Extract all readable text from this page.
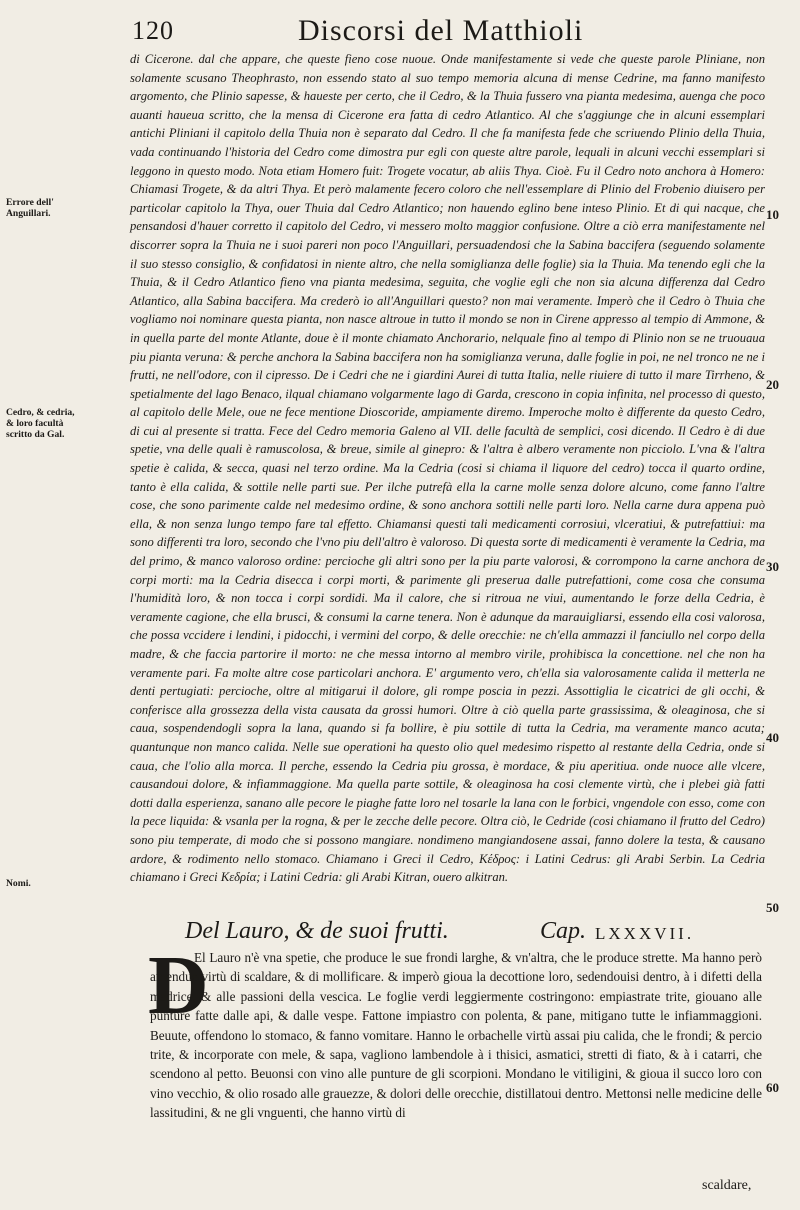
120	Discorsi del Matthioli

di Cicerone. dal che appare, che queste fieno cose nuoue. Onde manifestamente si vede che queste parole Pliniane, non solamente scusano Theophrasto, non essendo stato al suo tempo memoria alcuna di mense Cedrine, ma fanno manifesto argomento, che Plinio sapesse, & haueste per certo, che il Cedro, & la Thuia fussero vna pianta medesima, auenga che poco auanti haueua scritto, che la mensa di Cicerone era fatta di cedro Atlantico. Al che s'aggiunge che in alcuni essemplari antichi Pliniani il capitolo della Thuia non è separato dal Cedro. Il che fa manifesta fede che scriuendo Plinio della Thuia, vada continuando l'historia del Cedro come dimostra pur egli con queste altre parole, lequali in alcuni vecchi essemplari si leggono in questo modo. Nota etiam Homero fuit: Trogete vocatur, ab aliis Thya. Cioè. Fu il Cedro noto anchora à Homero: Chiamasi Trogete, & da altri Thya. Et però malamente fecero coloro che nell'essemplare di Plinio del Frobenio diuisero per particolar capitolo la Thya, ouer Thuia dal Cedro Atlantico; non hauendo eglino bene inteso Plinio. Et di qui nacque, che pensandosi d'hauer corretto il capitolo del Cedro, vi messero molto maggior confusione. Oltre a ciò erra manifestamente nel discorrer sopra la Thuia ne i suoi pareri non poco l'Anguillari, persuadendosi che la Sabina baccifera (seguendo solamente il suo stesso consiglio, & confidatosi in niente altro, che nella somiglianza delle foglie) sia la Thuia. Ma tenendo egli che la Thuia, & il Cedro Atlantico fieno vna pianta medesima, seguita, che voglie egli che non sia alcuna differenza dal Cedro Atlantico, alla Sabina baccifera. Ma crederò io all'Anguillari questo? non mai veramente. Imperò che il Cedro ò Thuia che vogliamo noi nominare questa pianta, non nasce altroue in tutto il mondo se non in Cirene appresso al tempio di Ammone, & in quella parte del monte Atlante, doue è il monte chiamato Anchorario, nelquale fino al tempo di Plinio non se ne truouaua piu pianta veruna: & perche anchora la Sabina baccifera non ha somiglianza veruna, dalle foglie in poi, ne nel tronco ne ne i frutti, ne nell'odore, con il cipresso. De i Cedri che ne i giardini Aurei di tutta Italia, nelle riuiere di tutto il mare Tirrheno, & spetialmente del lago Benaco, ilqual chiamano volgarmente lago di Garda, crescono in copia infinita, nel processo di questo, al capitolo delle Mele, oue ne fece mentione Dioscoride, ampiamente diremo. Imperoche molto è differente da questo Cedro, di cui al presente si tratta. Fece del Cedro memoria Galeno al VII. delle facultà de semplici, cosi dicendo. Il Cedro è di due spetie, vna delle quali è ramuscolosa, & breue, simile al ginepro: & l'altra è albero veramente non picciolo. L'vna & l'altra spetie è calida, & secca, quasi nel terzo ordine. Ma la Cedria (cosi si chiama il liquore del cedro) tocca il quarto ordine, tanto è ella calida, & sottile nelle parti sue. Per ilche putrefà ella la carne molle senza dolore alcuno, come fanno l'altre cose, che sono parimente calde nel medesimo ordine, & sono anchora sottili nelle parti loro. Nella carne dura appena può ella, & non senza lungo tempo fare tal effetto. Chiamansi questi tali medicamenti corrosiui, vlceratiui, & putrefattiui: ma sono differenti tra loro, secondo che l'vno piu dell'altro è valoroso. Di questa sorte di medicamenti è veramente la Cedria, ma del primo, & manco valoroso ordine: percioche gli altri sono per la piu parte valorosi, & corrompono la carne anchora de corpi morti: ma la Cedria disecca i corpi morti, & parimente gli preserua dalle putrefattioni, come cosa che consuma l'humidità loro, & non tocca i corpi sordidi. Ma il calore, che si ritroua ne viui, aumentando le forze della Cedria, è veramente cagione, che ella brusci, & consumi la carne tenera. Non è adunque da marauigliarsi, essendo ella cosi valorosa, che possa vccidere i lendini, i pidocchi, i vermini del corpo, & delle orecchie: ne ch'ella ammazzi il fanciullo nel corpo della madre, & che faccia partorire il morto: ne che messa intorno al membro virile, prohibisca la concettione. nel che non ha veramente pari. Fa molte altre cose particolari anchora. E' argumento vero, ch'ella sia valorosamente calida il metterla ne denti pertugiati: percioche, oltre al mitigarui il dolore, gli rompe poscia in pezzi. Assottiglia le cicatrici de gli occhi, & conferisce alla grossezza della vista causata da grossi humori. Oltre à ciò quella parte grassissima, & oleaginosa, che si caua, sospendendogli sopra la lana, quando si fa bollire, è piu sottile di tutta la Cedria, ma veramente manco acuta; quantunque non manco calida. Nelle sue operationi ha questo olio quel medesimo rispetto al restante della Cedria, onde si caua, che l'olio alla morca. Il perche, essendo la Cedria piu grossa, è mordace, & piu aperitiua. onde nuoce alle vlcere, causandoui dolore, & infiammaggione. Ma quella parte sottile, & oleaginosa ha cosi clemente virtù, che i plebei già fatti dotti dalla esperienza, sanano alle pecore le piaghe fatte loro nel tosarle la lana con le forbici, vngendole con esso, come con la pece liquida: & vsanla per la rogna, & per le zecche delle pecore. Oltra ciò, le Cedride (cosi chiamano il frutto del Cedro) sono piu temperate, di modo che si possono mangiare. nondimeno mangiandosene assai, fanno dolere la testa, & causano ardore, & rodimento nello stomaco. Chiamano i Greci il Cedro, Κέδρος: i Latini Cedrus: gli Arabi Serbin. La Cedria chiamano i Greci Κεδρία; i Latini Cedria: gli Arabi Kitran, ouero alkitran.

Errore dell' Anguillari.
Cedro, & cedria, & loro facultà scritto da Gal.
Nomi.
10
20
30
40
50
60
Del Lauro, & de suoi frutti.	Cap. LXXXVII.
D

El Lauro n'è vna spetie, che produce le sue frondi larghe, & vn'altra, che le produce strette. Ma hanno però amendue virtù di scaldare, & di mollificare. & imperò gioua la decottione loro, sedendouisi dentro, à i difetti della madrice, & alle passioni della vescica. Le foglie verdi leggiermente costringono: empiastrate trite, giouano alle punture fatte dalle api, & dalle vespe. Fattone impiastro con polenta, & pane, mitigano tutte le infiammaggioni. Beuute, offendono lo stomaco, & fanno vomitare. Hanno le orbachelle virtù assai piu calida, che le frondi; & percio trite, & incorporate con mele, & sapa, vagliono lambendole à i thisici, asmatici, stretti di fiato, & à i catarri, che scendono al petto. Beuonsi con vino alle punture de gli scorpioni. Mondano le vitiligini, & gioua il succo loro con vino vecchio, & olio rosado alle grauezze, & dolori delle orecchie, distillatoui dentro. Mettonsi nelle medicine delle lassitudini, & ne gli vnguenti, che hanno virtù di

scaldare,
